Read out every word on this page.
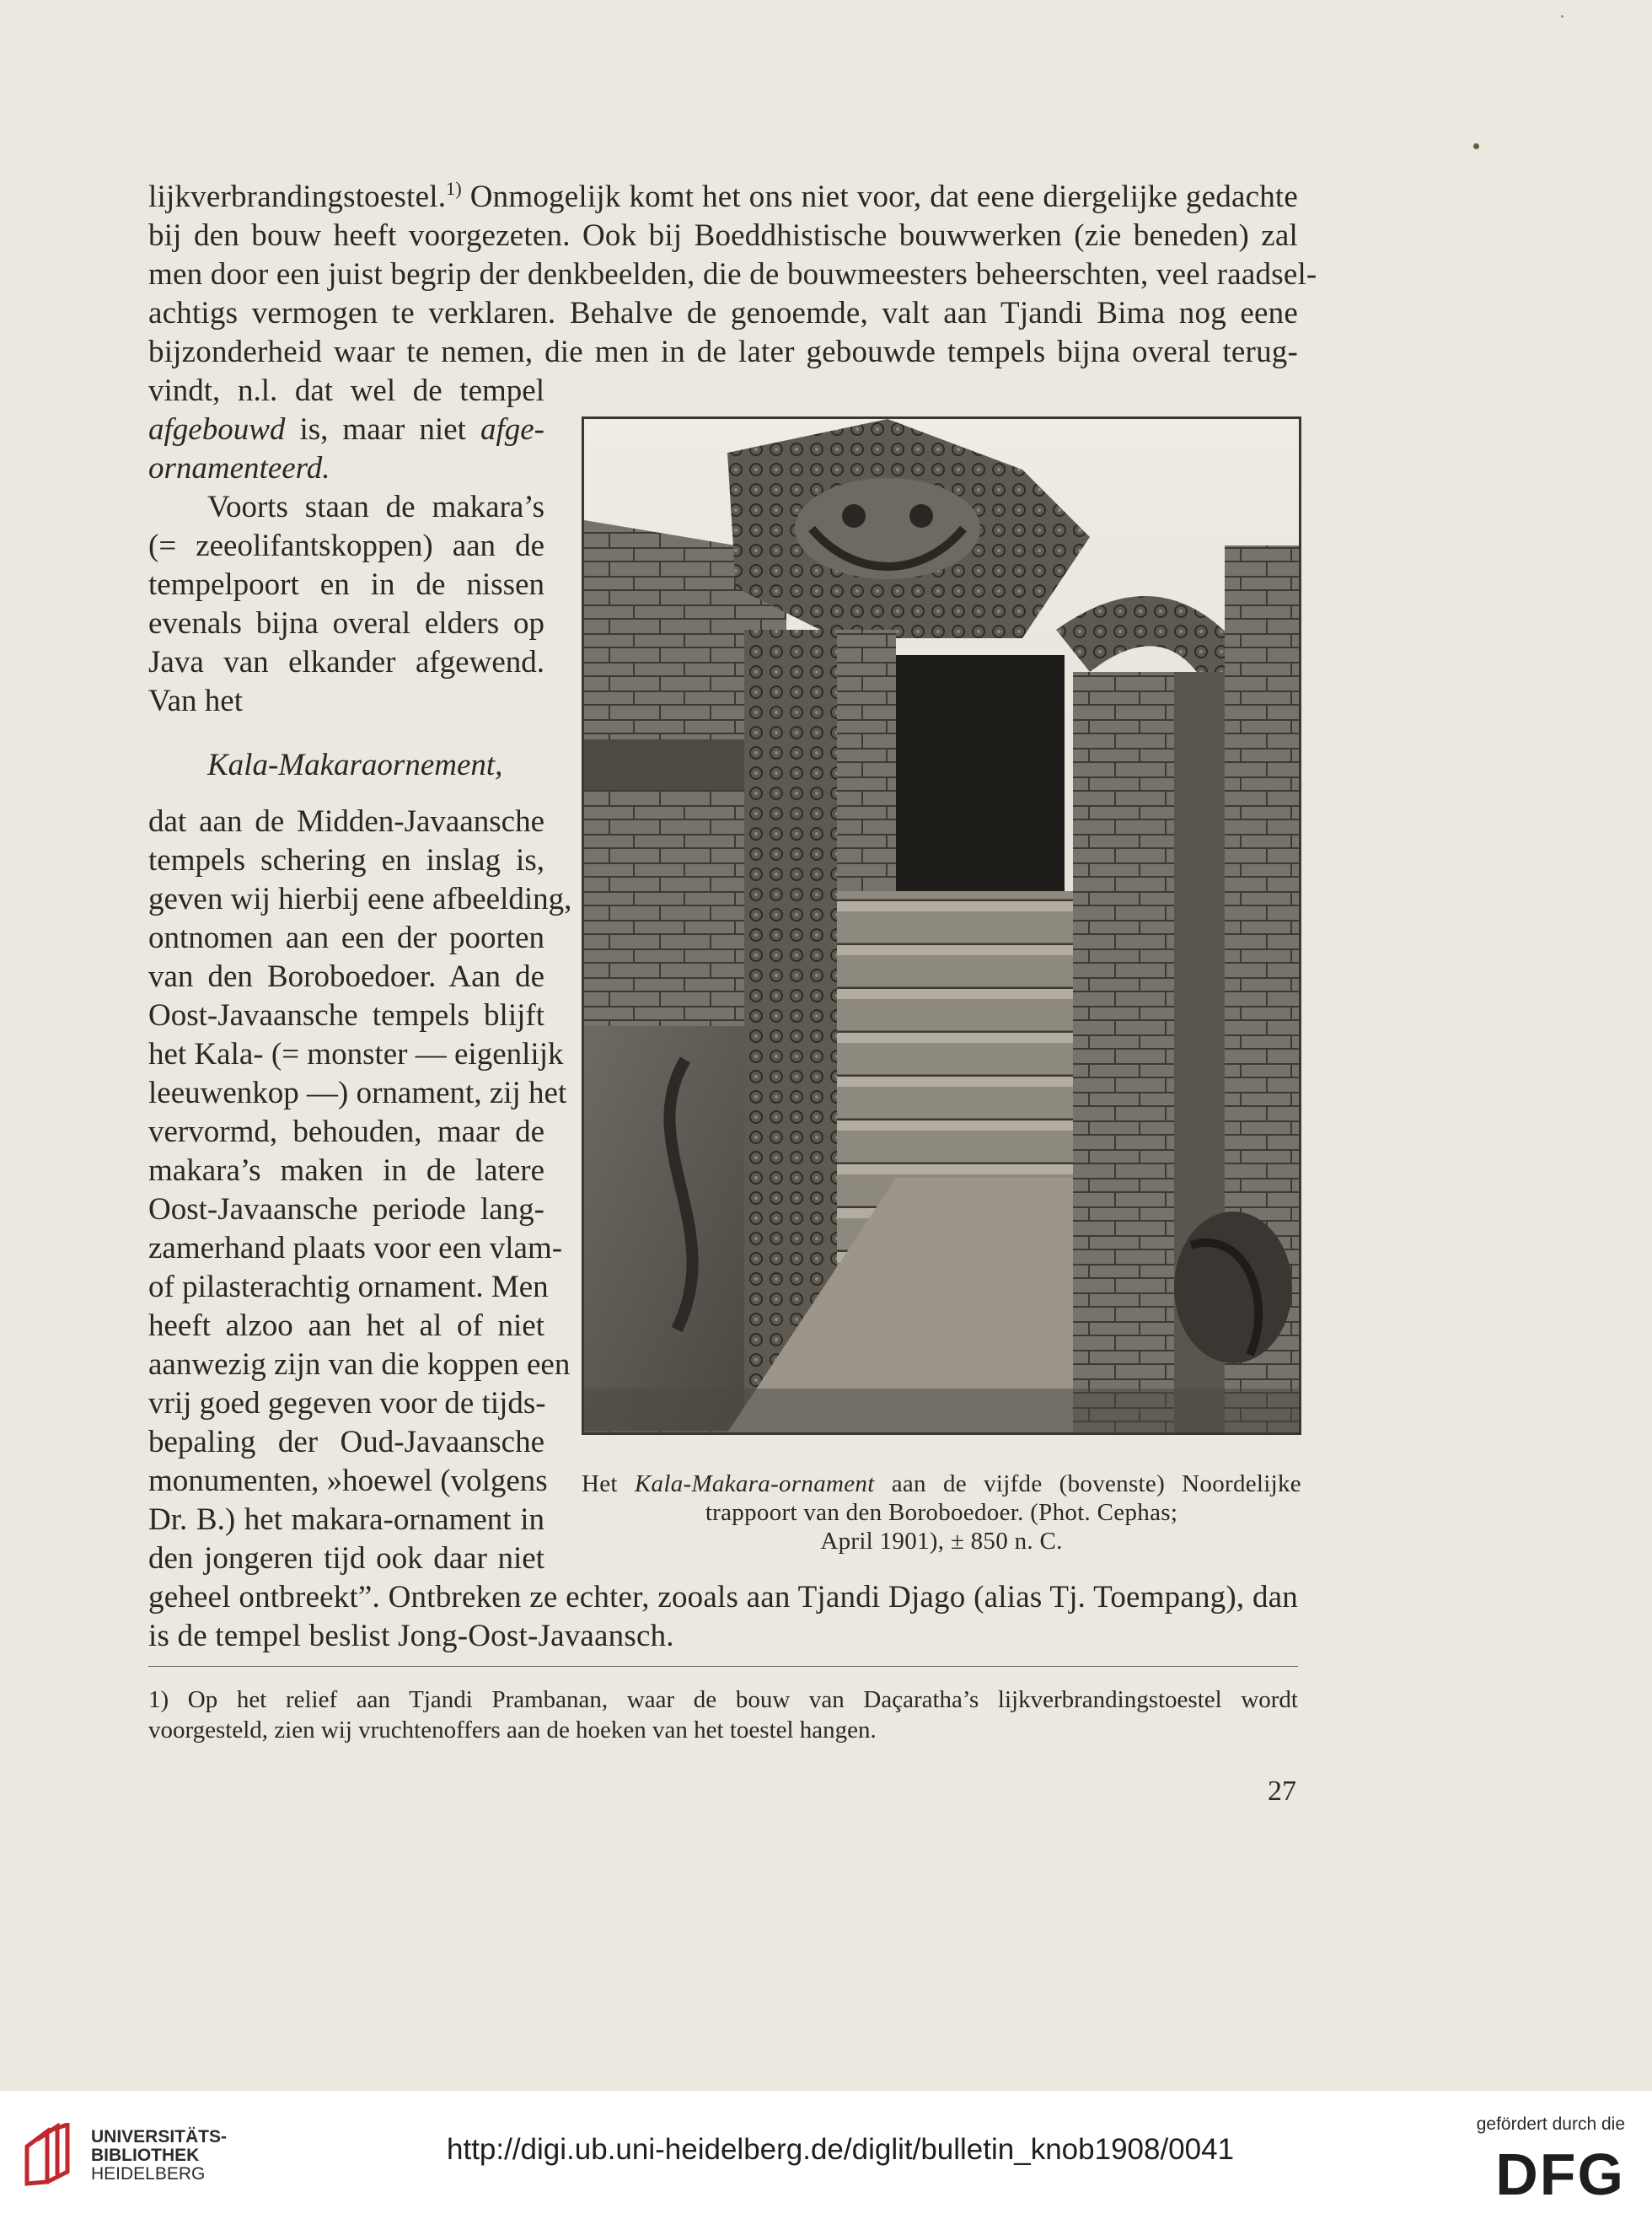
lijkverbrandingstoestel.$^{1)}$ Onmogelijk komt het ons niet voor, dat eene diergelijke gedachte
bij den bouw heeft voorgezeten. Ook bij Boeddhistische bouwwerken (zie beneden) zal
men door een juist begrip der denkbeelden, die de bouwmeesters beheerschten, veel raadsel-
achtigs vermogen te verklaren. Behalve de genoemde, valt aan Tjandi Bima nog eene
bijzonderheid waar te nemen, die men in de later gebouwde tempels bijna overal terug-
vindt, n.l. dat wel de tempel
afgebouwd is, maar niet afge-
ornamenteerd.
Voorts staan de makara’s
(= zeeolifantskoppen) aan de
tempelpoort en in de nissen
evenals bijna overal elders op
Java van elkander afgewend.
Van het
Kala-Makaraornement,
dat aan de Midden-Javaansche
tempels schering en inslag is,
geven wij hierbij eene afbeelding,
ontnomen aan een der poorten
van den Boroboedoer. Aan de
Oost-Javaansche tempels blijft
het Kala- (= monster — eigenlijk
leeuwenkop —) ornament, zij het
vervormd, behouden, maar de
makara’s maken in de latere
Oost-Javaansche periode lang-
zamerhand plaats voor een vlam-
of pilasterachtig ornament. Men
heeft alzoo aan het al of niet
aanwezig zijn van die koppen een
vrij goed gegeven voor de tijds-
bepaling der Oud-Javaansche
monumenten, »hoewel (volgens
Dr. B.) het makara-ornament in
den jongeren tijd ook daar niet
geheel ontbreekt”. Ontbreken ze echter, zooals aan Tjandi Djago (alias Tj. Toempang), dan
is de tempel beslist Jong-Oost-Javaansch.
Het Kala-Makara-ornament aan de vijfde (bovenste) Noordelijke
trappoort van den Boroboedoer. (Phot. Cephas;
April 1901), ± 850 n. C.
1) Op het relief aan Tjandi Prambanan, waar de bouw van Daçaratha’s lijkverbrandingstoestel wordt
voorgesteld, zien wij vruchtenoffers aan de hoeken van het toestel hangen.
27
UNIVERSITÄTS-
BIBLIOTHEK
HEIDELBERG
http://digi.ub.uni-heidelberg.de/diglit/bulletin_knob1908/0041
gefördert durch die
DFG
